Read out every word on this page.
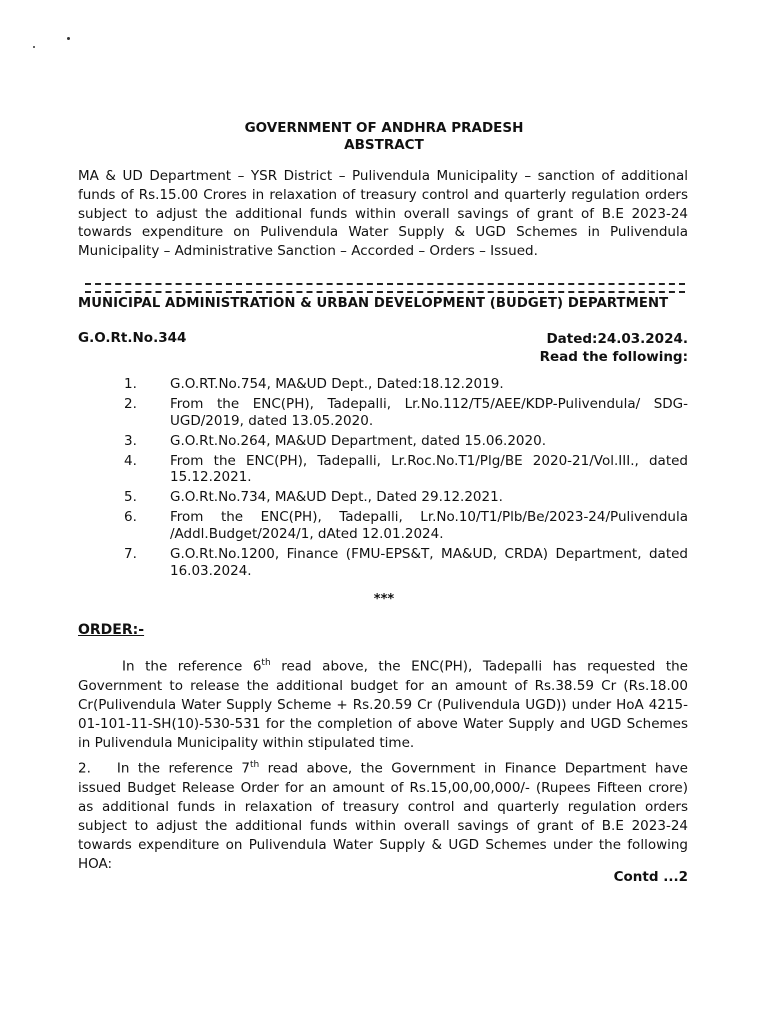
GOVERNMENT OF ANDHRA PRADESH
ABSTRACT
MA & UD Department – YSR District – Pulivendula Municipality – sanction of additional funds of Rs.15.00 Crores in relaxation of treasury control and quarterly regulation orders subject to adjust the additional funds within overall savings of grant of B.E 2023-24 towards expenditure on Pulivendula Water Supply & UGD Schemes in Pulivendula Municipality – Administrative Sanction – Accorded – Orders – Issued.
MUNICIPAL ADMINISTRATION & URBAN DEVELOPMENT (BUDGET) DEPARTMENT
G.O.Rt.No.344	Dated:24.03.2024.
Read the following:
1.	G.O.RT.No.754, MA&UD Dept., Dated:18.12.2019.
2.	From the ENC(PH), Tadepalli, Lr.No.112/T5/AEE/KDP-Pulivendula/ SDG-UGD/2019, dated 13.05.2020.
3.	G.O.Rt.No.264, MA&UD Department, dated 15.06.2020.
4.	From the ENC(PH), Tadepalli, Lr.Roc.No.T1/Plg/BE 2020-21/Vol.III., dated 15.12.2021.
5.	G.O.Rt.No.734, MA&UD Dept., Dated 29.12.2021.
6.	From the ENC(PH), Tadepalli, Lr.No.10/T1/Plb/Be/2023-24/Pulivendula /Addl.Budget/2024/1, dAted 12.01.2024.
7.	G.O.Rt.No.1200, Finance (FMU-EPS&T, MA&UD, CRDA) Department, dated 16.03.2024.
***
ORDER:-
In the reference 6th read above, the ENC(PH), Tadepalli has requested the Government to release the additional budget for an amount of Rs.38.59 Cr (Rs.18.00 Cr(Pulivendula Water Supply Scheme + Rs.20.59 Cr (Pulivendula UGD)) under HoA 4215-01-101-11-SH(10)-530-531 for the completion of above Water Supply and UGD Schemes in Pulivendula Municipality within stipulated time.
2. In the reference 7th read above, the Government in Finance Department have issued Budget Release Order for an amount of Rs.15,00,00,000/- (Rupees Fifteen crore) as additional funds in relaxation of treasury control and quarterly regulation orders subject to adjust the additional funds within overall savings of grant of B.E 2023-24 towards expenditure on Pulivendula Water Supply & UGD Schemes under the following HOA:
Contd ...2
